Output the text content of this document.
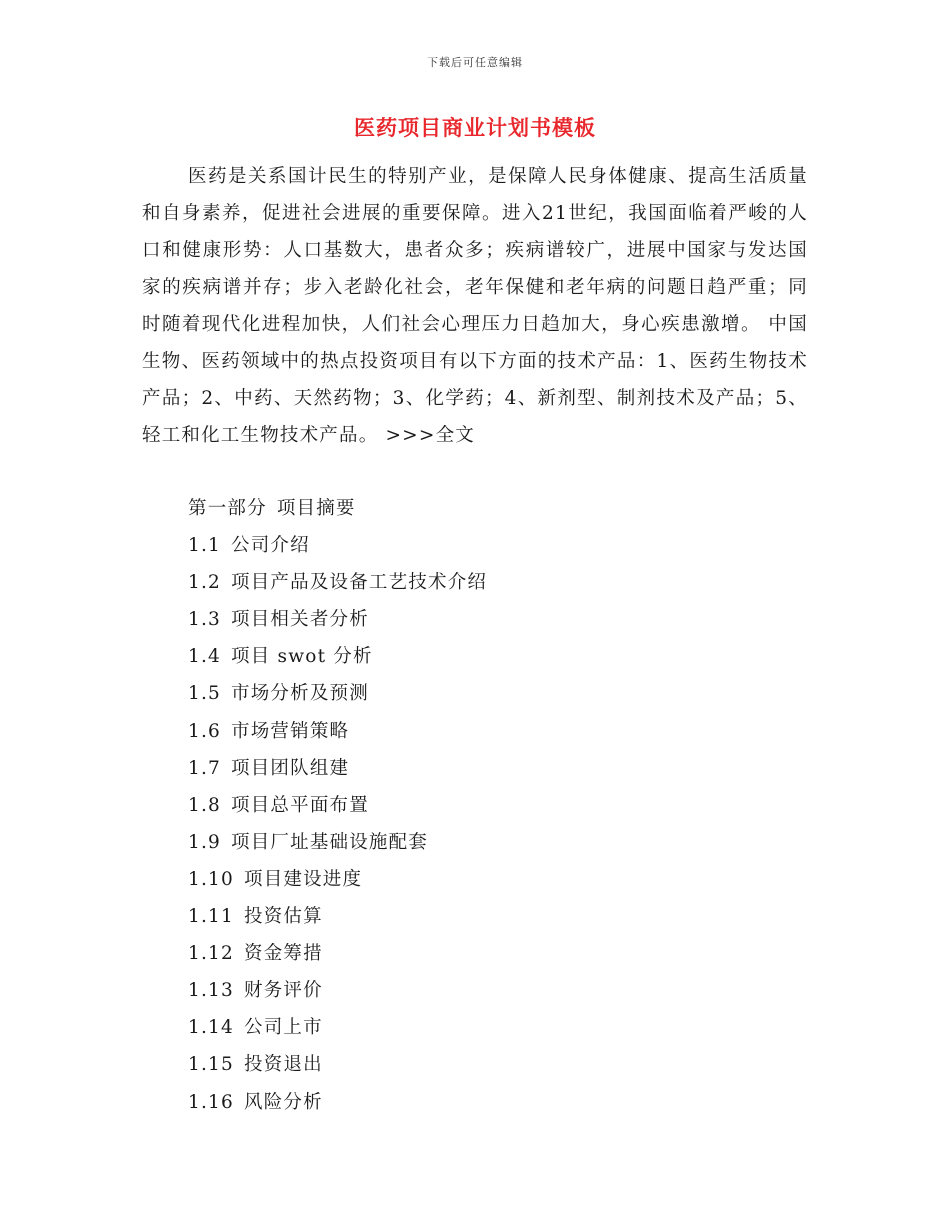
下载后可任意编辑
医药项目商业计划书模板

医药是关系国计民生的特别产业，是保障人民身体健康、提高生活质量和自身素养，促进社会进展的重要保障。进入21世纪，我国面临着严峻的人口和健康形势：人口基数大，患者众多；疾病谱较广，进展中国家与发达国家的疾病谱并存；步入老龄化社会，老年保健和老年病的问题日趋严重；同时随着现代化进程加快，人们社会心理压力日趋加大，身心疾患激增。 中国生物、医药领域中的热点投资项目有以下方面的技术产品：1、医药生物技术产品；2、中药、天然药物；3、化学药；4、新剂型、制剂技术及产品；5、轻工和化工生物技术产品。 >>>全文

第一部分 项目摘要
1.1 公司介绍
1.2 项目产品及设备工艺技术介绍
1.3 项目相关者分析
1.4 项目 swot 分析
1.5 市场分析及预测
1.6 市场营销策略
1.7 项目团队组建
1.8 项目总平面布置
1.9 项目厂址基础设施配套
1.10 项目建设进度
1.11 投资估算
1.12 资金筹措
1.13 财务评价
1.14 公司上市
1.15 投资退出
1.16 风险分析
